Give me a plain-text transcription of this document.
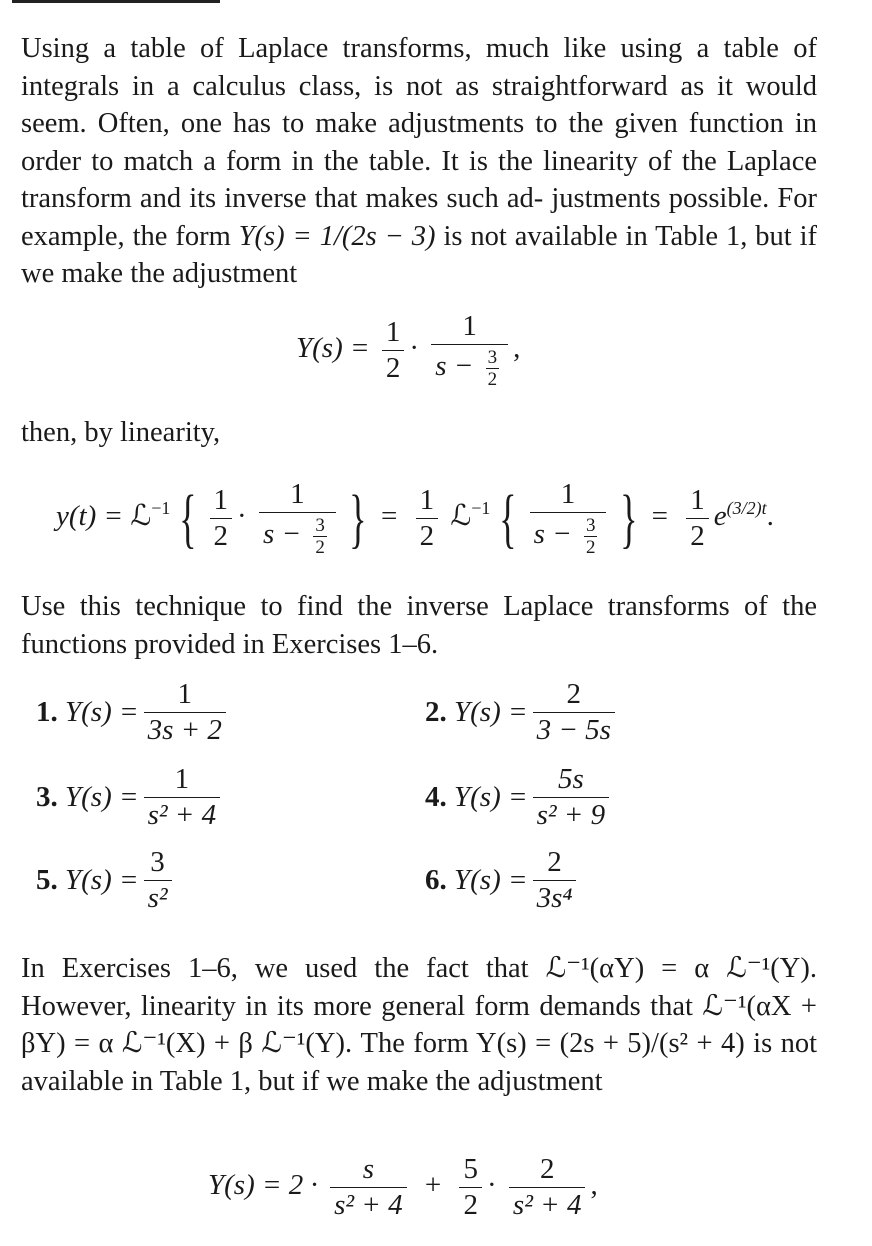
Using a table of Laplace transforms, much like using a table of integrals in a calculus class, is not as straightforward as it would seem. Often, one has to make adjustments to the given function in order to match a form in the table. It is the linearity of the Laplace transform and its inverse that makes such ad- justments possible. For example, the form Y(s) = 1/(2s − 3) is not available in Table 1, but if we make the adjustment

$Y(s) = \frac{1}{2} \cdot \frac{1}{s - \frac{3}{2}}$ ,

then, by linearity,

y(t) = ℒ$^{-1}$ { $\frac{1}{2} \cdot \frac{1}{s - \frac{3}{2}}$ } = $\frac{1}{2}$ ℒ$^{-1}$ { $\frac{1}{s - \frac{3}{2}}$ } = $\frac{1}{2} e^{(3/2)t}$.

Use this technique to find the inverse Laplace transforms of the functions provided in Exercises 1–6.

1.
$Y(s) = \frac{1}{3s + 2}$	2.
$Y(s) = \frac{2}{3 - 5s}$
3.
$Y(s) = \frac{1}{\text{s² + 4}}$	4.
$Y(s) = \frac{5s}{\text{s² + 9}}$
5.
$Y(s) = \frac{3}{\text{s²}}$	6.
$Y(s) = \frac{2}{\text{3s⁴}}$

In Exercises 1–6, we used the fact that ℒ⁻¹(αY) = α ℒ⁻¹(Y). However, linearity in its more general form demands that ℒ⁻¹(αX + βY) = α ℒ⁻¹(X) + β ℒ⁻¹(Y). The form Y(s) = (2s + 5)/(s² + 4) is not available in Table 1, but if we make the adjustment

$Y(s) = 2 \cdot \frac{s}{\text{s² + 4}} + \frac{5}{2} \cdot \frac{2}{\text{s² + 4}}$ ,
